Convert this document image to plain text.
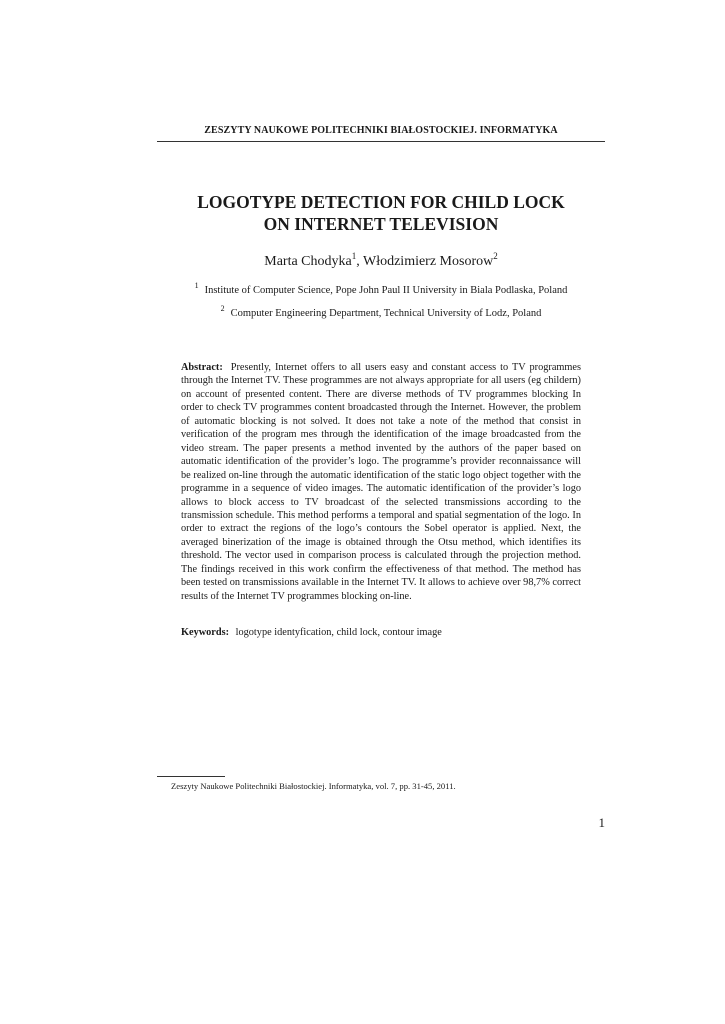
ZESZYTY NAUKOWE POLITECHNIKI BIAŁOSTOCKIEJ. INFORMATYKA
LOGOTYPE DETECTION FOR CHILD LOCK
ON INTERNET TELEVISION
Marta Chodyka$^1$, Włodzimierz Mosorow$^2$
$^1$ Institute of Computer Science, Pope John Paul II University in Biala Podlaska, Poland
$^2$ Computer Engineering Department, Technical University of Lodz, Poland
Abstract: Presently, Internet offers to all users easy and constant access to TV programmes through the Internet TV. These programmes are not always appropriate for all users (eg childern) on account of presented content. There are diverse methods of TV programmes blocking In order to check TV programmes content broadcasted through the Internet. However, the problem of automatic blocking is not solved. It does not take a note of the method that consist in verification of the program mes through the identification of the image broadcasted from the video stream. The paper presents a method invented by the authors of the paper based on automatic identification of the provider’s logo. The programme’s provider reconnaissance will be realized on-line through the automatic identification of the static logo object together with the programme in a sequence of video images. The automatic identification of the provider’s logo allows to block access to TV broadcast of the selected transmissions according to the transmission schedule. This method performs a temporal and spatial segmentation of the logo. In order to extract the regions of the logo’s contours the Sobel operator is applied. Next, the averaged binerization of the image is obtained through the Otsu method, which identifies its threshold. The vector used in comparison process is calculated through the projection method. The findings received in this work confirm the effectiveness of that method. The method has been tested on transmissions available in the Internet TV. It allows to achieve over 98,7% correct results of the Internet TV programmes blocking on-line.
Keywords: logotype identyfication, child lock, contour image
Zeszyty Naukowe Politechniki Białostockiej. Informatyka, vol. 7, pp. 31-45, 2011.
1
